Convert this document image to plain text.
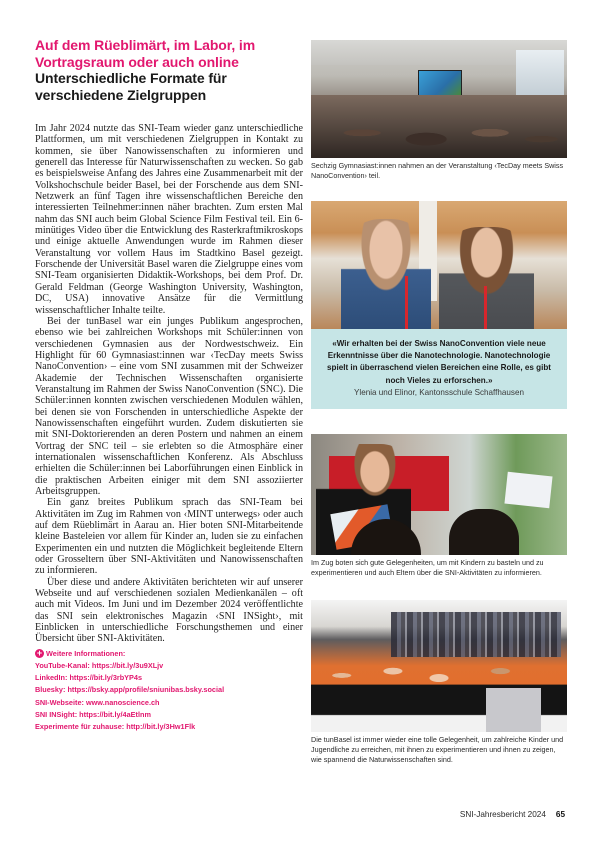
Auf dem Rüeblimärt, im Labor, im Vortragsraum oder auch online
Unterschiedliche Formate für verschiedene Zielgruppen

Im Jahr 2024 nutzte das SNI-Team wieder ganz unterschiedliche Plattformen, um mit verschiedenen Zielgruppen in Kontakt zu kommen, sie über Nanowissenschaften zu informieren und generell das Interesse für Naturwissenschaften zu wecken. So gab es beispielsweise Anfang des Jahres eine Zusammenarbeit mit der Volkshochschule beider Basel, bei der Forschende aus dem SNI-Netzwerk an fünf Tagen ihre wissenschaftlichen Bereiche den interessierten Teilnehmer:innen näher brachten. Zum ersten Mal nahm das SNI auch beim Global Science Film Festival teil. Ein 6-minütiges Video über die Entwicklung des Rasterkraftmikroskops und einige aktuelle Anwendungen wurde im Rahmen dieser Veranstaltung vor vollem Haus im Stadtkino Basel gezeigt. Forschende der Universität Basel waren die Zielgruppe eines vom SNI-Team organisierten Didaktik-Workshops, bei dem Prof. Dr. Gerald Feldman (George Washington University, Washington, DC, USA) innovative Ansätze für die Vermittlung wissenschaftlicher Inhalte teilte.

Bei der tunBasel war ein junges Publikum angesprochen, ebenso wie bei zahlreichen Workshops mit Schüler:innen von verschiedenen Gymnasien aus der Nordwestschweiz. Ein Highlight für 60 Gymnasiast:innen war ‹TecDay meets Swiss NanoConvention› – eine vom SNI zusammen mit der Schweizer Akademie der Technischen Wissenschaften organisierte Veranstaltung im Rahmen der Swiss NanoConvention (SNC). Die Schüler:innen konnten zwischen verschiedenen Modulen wählen, bei denen sie von Forschenden in unterschiedliche Aspekte der Nanowissenschaften eingeführt wurden. Zudem diskutierten sie mit SNI-Doktorierenden an deren Postern und nahmen an einem Vortrag der SNC teil – sie erlebten so die Atmosphäre einer internationalen wissenschaftlichen Konferenz. Als Abschluss erhielten die Schüler:innen bei Laborführungen einen Einblick in die praktischen Arbeiten einiger mit dem SNI assoziierter Arbeitsgruppen.

Ein ganz breites Publikum sprach das SNI-Team bei Aktivitäten im Zug im Rahmen von ‹MINT unterwegs› oder auch auf dem Rüeblimärt in Aarau an. Hier boten SNI-Mitarbeitende kleine Basteleien vor allem für Kinder an, luden sie zu einfachen Experimenten ein und nutzten die Möglichkeit begleitende Eltern oder Grosseltern über SNI-Aktivitäten und Nanowissenschaften zu informieren.

Über diese und andere Aktivitäten berichteten wir auf unserer Webseite und auf verschiedenen sozialen Medienkanälen – oft auch mit Videos. Im Juni und im Dezember 2024 veröffentlichte das SNI sein elektronisches Magazin ‹SNI INSight›, mit Einblicken in unterschiedliche Forschungsthemen und einer Übersicht über SNI-Aktivitäten.

+ Weitere Informationen:
YouTube-Kanal: https://bit.ly/3u9XLjv
LinkedIn: https://bit.ly/3rbYP4s
Bluesky: https://bsky.app/profile/sniunibas.bsky.social
SNI-Webseite: www.nanoscience.ch
SNI INSight: https://bit.ly/4aEtlnm
Experimente für zuhause: http://bit.ly/3Hw1Flk
Sechzig Gymnasiast:innen nahmen an der Veranstaltung ‹TecDay meets Swiss NanoConvention› teil.

«Wir erhalten bei der Swiss NanoConvention viele neue Erkenntnisse über die Nanotechnologie. Nanotechnologie spielt in überraschend vielen Bereichen eine Rolle, es gibt noch Vieles zu erforschen.»

Ylenia und Elinor, Kantonsschule Schaffhausen

Im Zug boten sich gute Gelegenheiten, um mit Kindern zu basteln und zu experimentieren und auch Eltern über die SNI-Aktivitäten zu informieren.
Die tunBasel ist immer wieder eine tolle Gelegenheit, um zahlreiche Kinder und Jugendliche zu erreichen, mit ihnen zu experimentieren und ihnen zu zeigen, wie spannend die Naturwissenschaften sind.
SNI-Jahresbericht 2024 65
